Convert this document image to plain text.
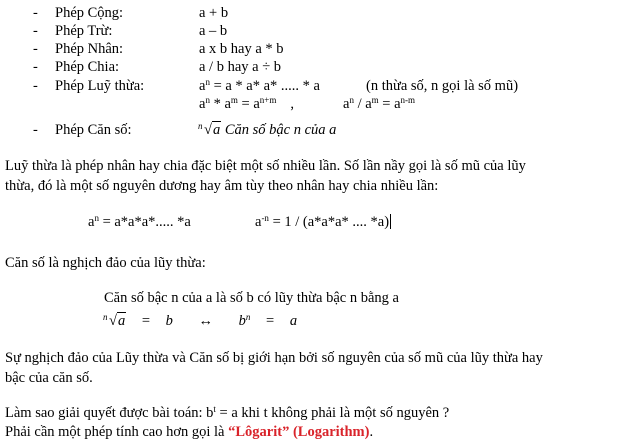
- Phép Cộng:	a + b
- Phép Trừ:	a – b
- Phép Nhân:	a x b hay a * b
- Phép Chia:	a / b hay a ÷ b
- Phép Luỹ thừa:	$a^n = a * a*$ a* ..... * a	(n thừa số, n gọi là số mũ)
$a^n * a^m = a^{n+m}$ ,	$a^n / a^m = a^{n-m}$
- Phép Căn số:	n √a Căn số bậc n của a
Luỹ thừa là phép nhân hay chia đặc biệt một số nhiều lần. Số lần nầy gọi là số mũ của lũy
thừa, đó là một số nguyên dương hay âm tùy theo nhân hay chia nhiều lần:
$a^n = a*a*a*$..... *a	$a^{-n} = 1 / (a*a*a*$ .... *a)
Căn số là nghịch đảo của lũy thừa:
Căn số bậc n của a là số b có lũy thừa bậc n bằng a
n √a = b ↔ $b^n = a$
Sự nghịch đảo của Lũy thừa và Căn số bị giới hạn bởi số nguyên của số mũ của lũy thừa hay
bậc của căn số.
Làm sao giải quyết được bài toán: $b^t = a$ khi t không phải là một số nguyên ?
Phải cần một phép tính cao hơn gọi là “Lôgarit” (Logarithm).
